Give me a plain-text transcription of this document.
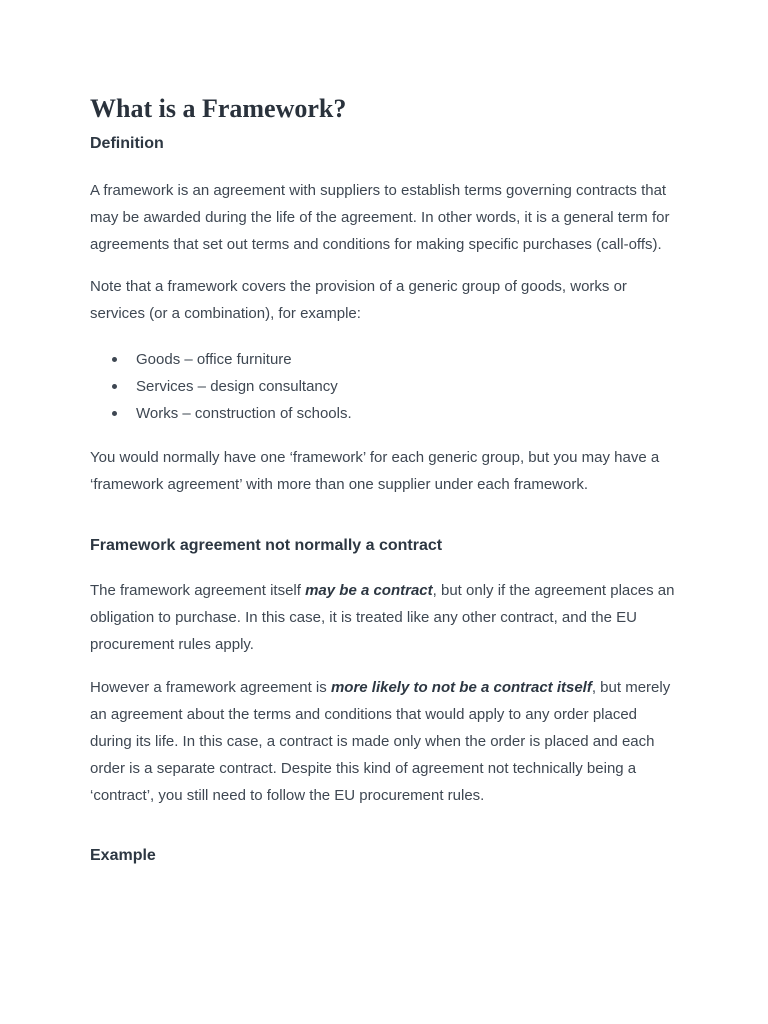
What is a Framework?
Definition

A framework is an agreement with suppliers to establish terms governing contracts that may be awarded during the life of the agreement. In other words, it is a general term for agreements that set out terms and conditions for making specific purchases (call-offs).

Note that a framework covers the provision of a generic group of goods, works or services (or a combination), for example:

Goods – office furniture
Services – design consultancy
Works – construction of schools.

You would normally have one ‘framework’ for each generic group, but you may have a ‘framework agreement’ with more than one supplier under each framework.

Framework agreement not normally a contract

The framework agreement itself may be a contract, but only if the agreement places an obligation to purchase. In this case, it is treated like any other contract, and the EU procurement rules apply.

However a framework agreement is more likely to not be a contract itself, but merely an agreement about the terms and conditions that would apply to any order placed during its life. In this case, a contract is made only when the order is placed and each order is a separate contract. Despite this kind of agreement not technically being a ‘contract’, you still need to follow the EU procurement rules.

Example
